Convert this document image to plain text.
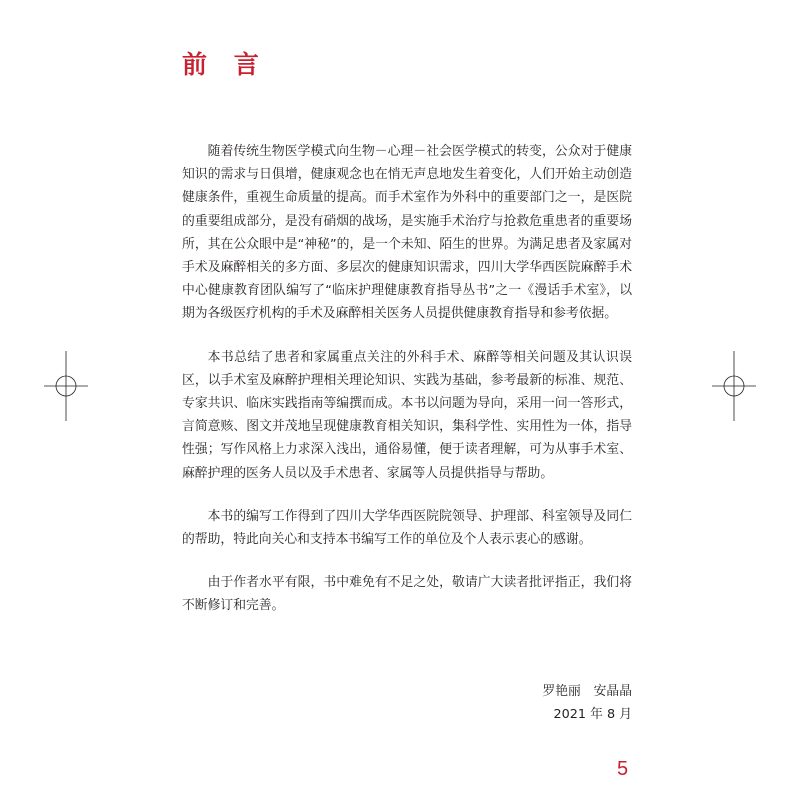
前 言

随着传统生物医学模式向生物－心理－社会医学模式的转变，公众对于健康知识的需求与日俱增，健康观念也在悄无声息地发生着变化，人们开始主动创造健康条件，重视生命质量的提高。而手术室作为外科中的重要部门之一，是医院的重要组成部分，是没有硝烟的战场，是实施手术治疗与抢救危重患者的重要场所，其在公众眼中是“神秘”的，是一个未知、陌生的世界。为满足患者及家属对手术及麻醉相关的多方面、多层次的健康知识需求，四川大学华西医院麻醉手术中心健康教育团队编写了“临床护理健康教育指导丛书”之一《漫话手术室》，以期为各级医疗机构的手术及麻醉相关医务人员提供健康教育指导和参考依据。

本书总结了患者和家属重点关注的外科手术、麻醉等相关问题及其认识误区，以手术室及麻醉护理相关理论知识、实践为基础，参考最新的标准、规范、专家共识、临床实践指南等编撰而成。本书以问题为导向，采用一问一答形式，言简意赅、图文并茂地呈现健康教育相关知识，集科学性、实用性为一体，指导性强；写作风格上力求深入浅出，通俗易懂，便于读者理解，可为从事手术室、麻醉护理的医务人员以及手术患者、家属等人员提供指导与帮助。

本书的编写工作得到了四川大学华西医院院领导、护理部、科室领导及同仁的帮助，特此向关心和支持本书编写工作的单位及个人表示衷心的感谢。

由于作者水平有限，书中难免有不足之处，敬请广大读者批评指正，我们将不断修订和完善。

罗艳丽　安晶晶
2021 年 8 月
5
